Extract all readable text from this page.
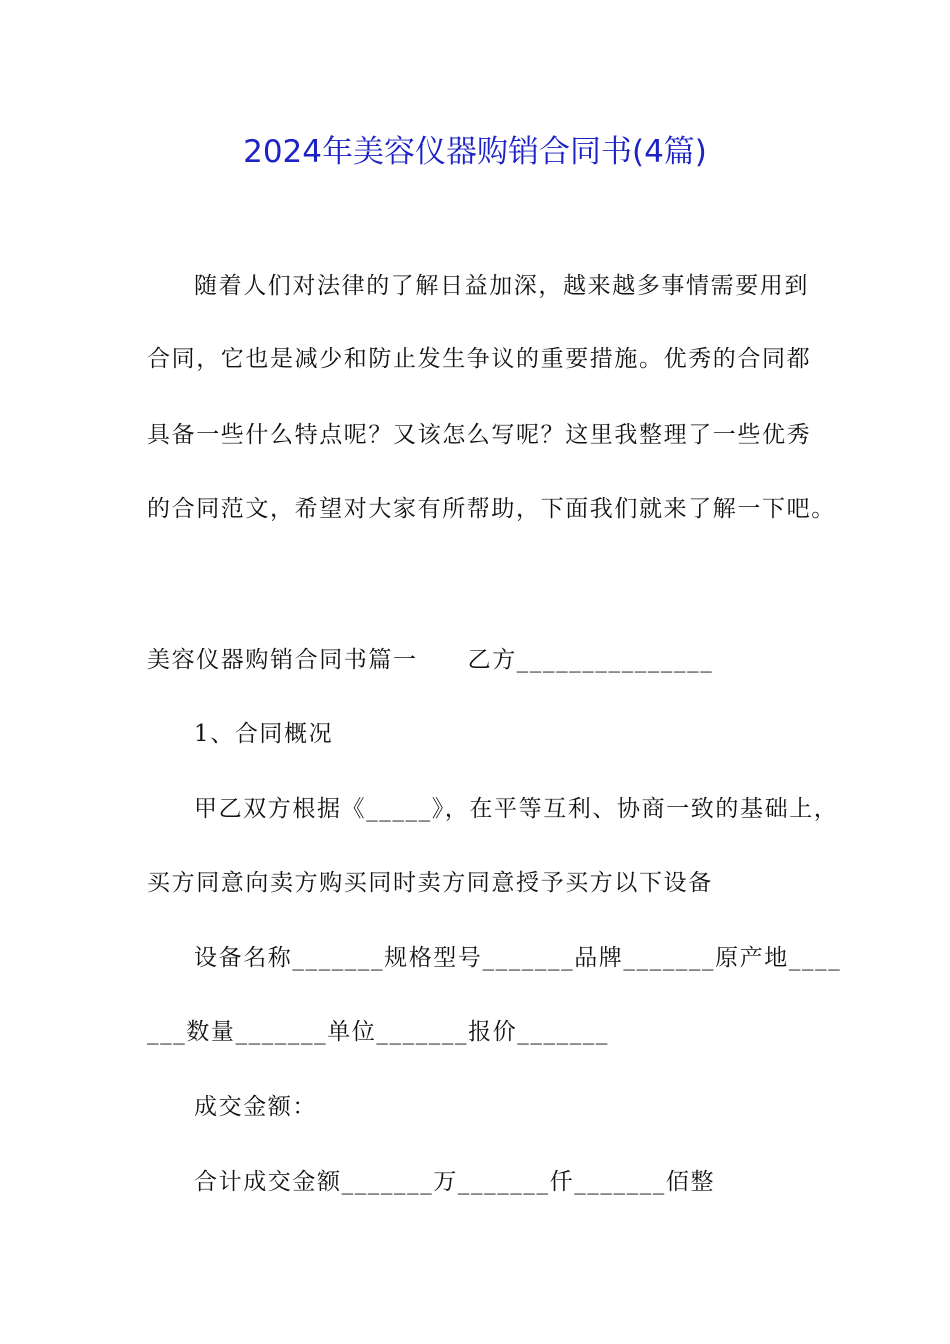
2024年美容仪器购销合同书(4篇)
随着人们对法律的了解日益加深，越来越多事情需要用到
合同，它也是减少和防止发生争议的重要措施。优秀的合同都
具备一些什么特点呢？又该怎么写呢？这里我整理了一些优秀
的合同范文，希望对大家有所帮助，下面我们就来了解一下吧。
美容仪器购销合同书篇一 乙方_______________
1、合同概况
甲乙双方根据《_____》，在平等互利、协商一致的基础上，
买方同意向卖方购买同时卖方同意授予买方以下设备
设备名称_______规格型号_______品牌_______原产地____
___数量_______单位_______报价_______
成交金额：
合计成交金额_______万_______仟_______佰整
